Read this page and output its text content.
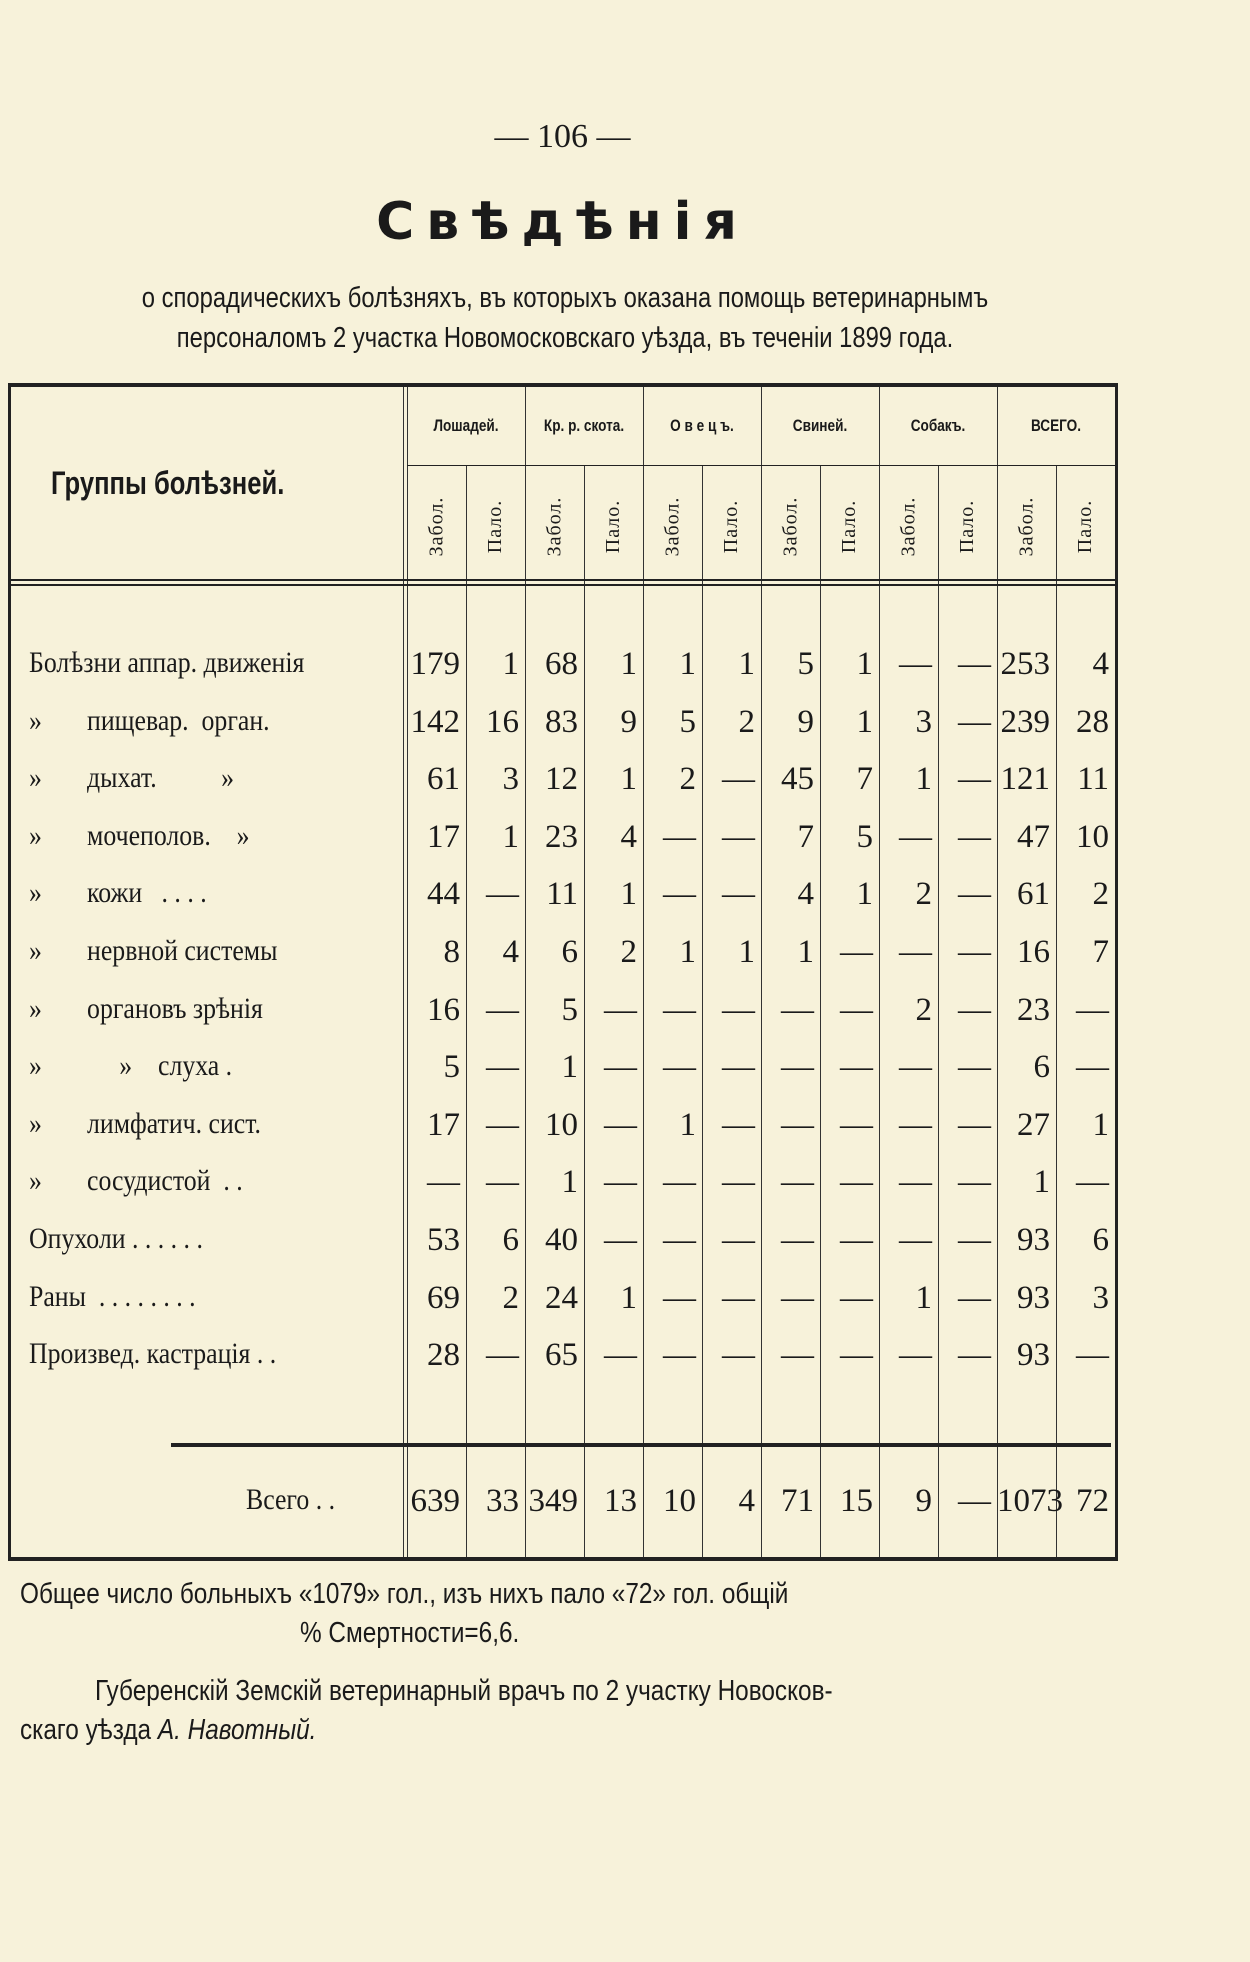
— 106 —
Свѣдѣнія
о спорадическихъ болѣзняхъ, въ которыхъ оказана помощь ветеринарнымъ
персоналомъ 2 участка Новомосковскаго уѣзда, въ теченіи 1899 года.
Группы болѣзней.
Лошадей.
Забол. Пало.
Кр. р. скота.
Забол. Пало.
О в е ц ъ.
Забол. Пало.
Свиней.
Забол. Пало.
Собакъ.
Забол. Пало.
ВСЕГО.
Забол. Пало.
Болѣзни аппар. движенія	179	1 68	1	1	1	5	1 — — 253	4
»       пищевар.  орган.	142 16 83	9	5	2	9	1	3 — 239 28
»       дыхат.          »	61	3 12	1	2 — 45	7	1 — 121 11
»       мочеполов.    »	17	1 23	4 — —	7	5 — — 47 10
»       кожи   . . . .	44 — 11	1 — —	4	1	2 — 61	2
»       нервной системы	8	4	6	2	1	1	1 — — — 16	7
»       органовъ зрѣнія	16 —	5 — — — — —	2 — 23 —
»            »    слуха .	5 —	1 — — — — — — —	6 —
»       лимфатич. сист.	17 — 10 —	1 — — — — — 27	1
»       сосудистой  . .	— —	1 — — — — — — —	1 —
Опухоли . . . . . .	53	6 40 — — — — — — — 93	6
Раны  . . . . . . . .	69	2 24	1 — — — —	1 — 93	3
Произвед. кастрація . .	28 — 65 — — — — — — — 93 —
Всего . . 639 33 349 13 10	4 71 15	9 — 1073 72
Общее число больныхъ «1079» гол., изъ нихъ пало «72» гол. общій
% Смертности=6,6.
Губеренскій Земскій ветеринарный врачъ по 2 участку Новосков-
скаго уѣзда А. Навотный.
